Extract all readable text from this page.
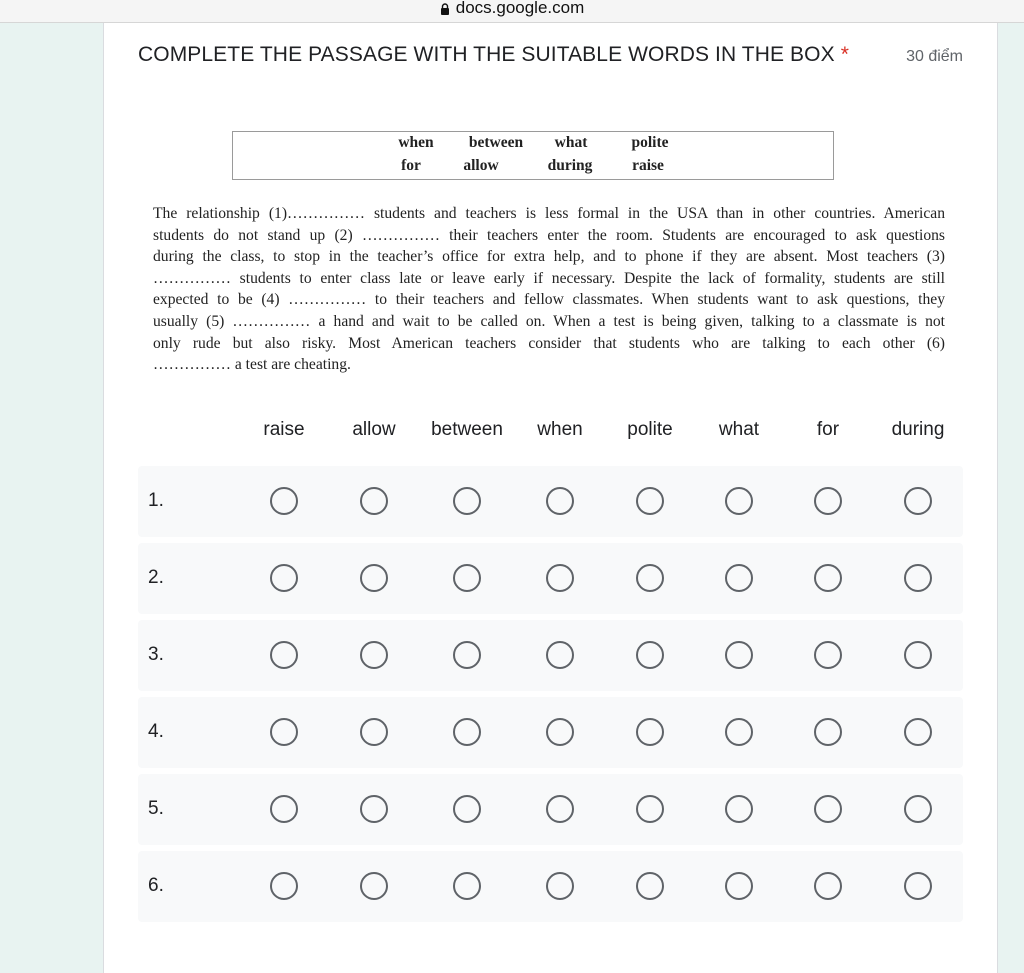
docs.google.com
COMPLETE THE PASSAGE WITH THE SUITABLE WORDS IN THE BOX *	30 điểm
when between what	polite
for	allow	during	raise
The relationship (1)…………… students and teachers is less formal in the USA than in other countries. American
students do not stand up (2) …………… their teachers enter the room. Students are encouraged to ask questions
during the class, to stop in the teacher’s office for extra help, and to phone if they are absent. Most teachers (3)
…………… students to enter class late or leave early if necessary. Despite the lack of formality, students are still
expected to be (4) …………… to their teachers and fellow classmates. When students want to ask questions, they
usually (5) …………… a hand and wait to be called on. When a test is being given, talking to a classmate is not
only rude but also risky. Most American teachers consider that students who are talking to each other (6)
…………… a test are cheating.
raise	allow between when polite what	for	during
1.
2.
3.
4.
5.
6.
